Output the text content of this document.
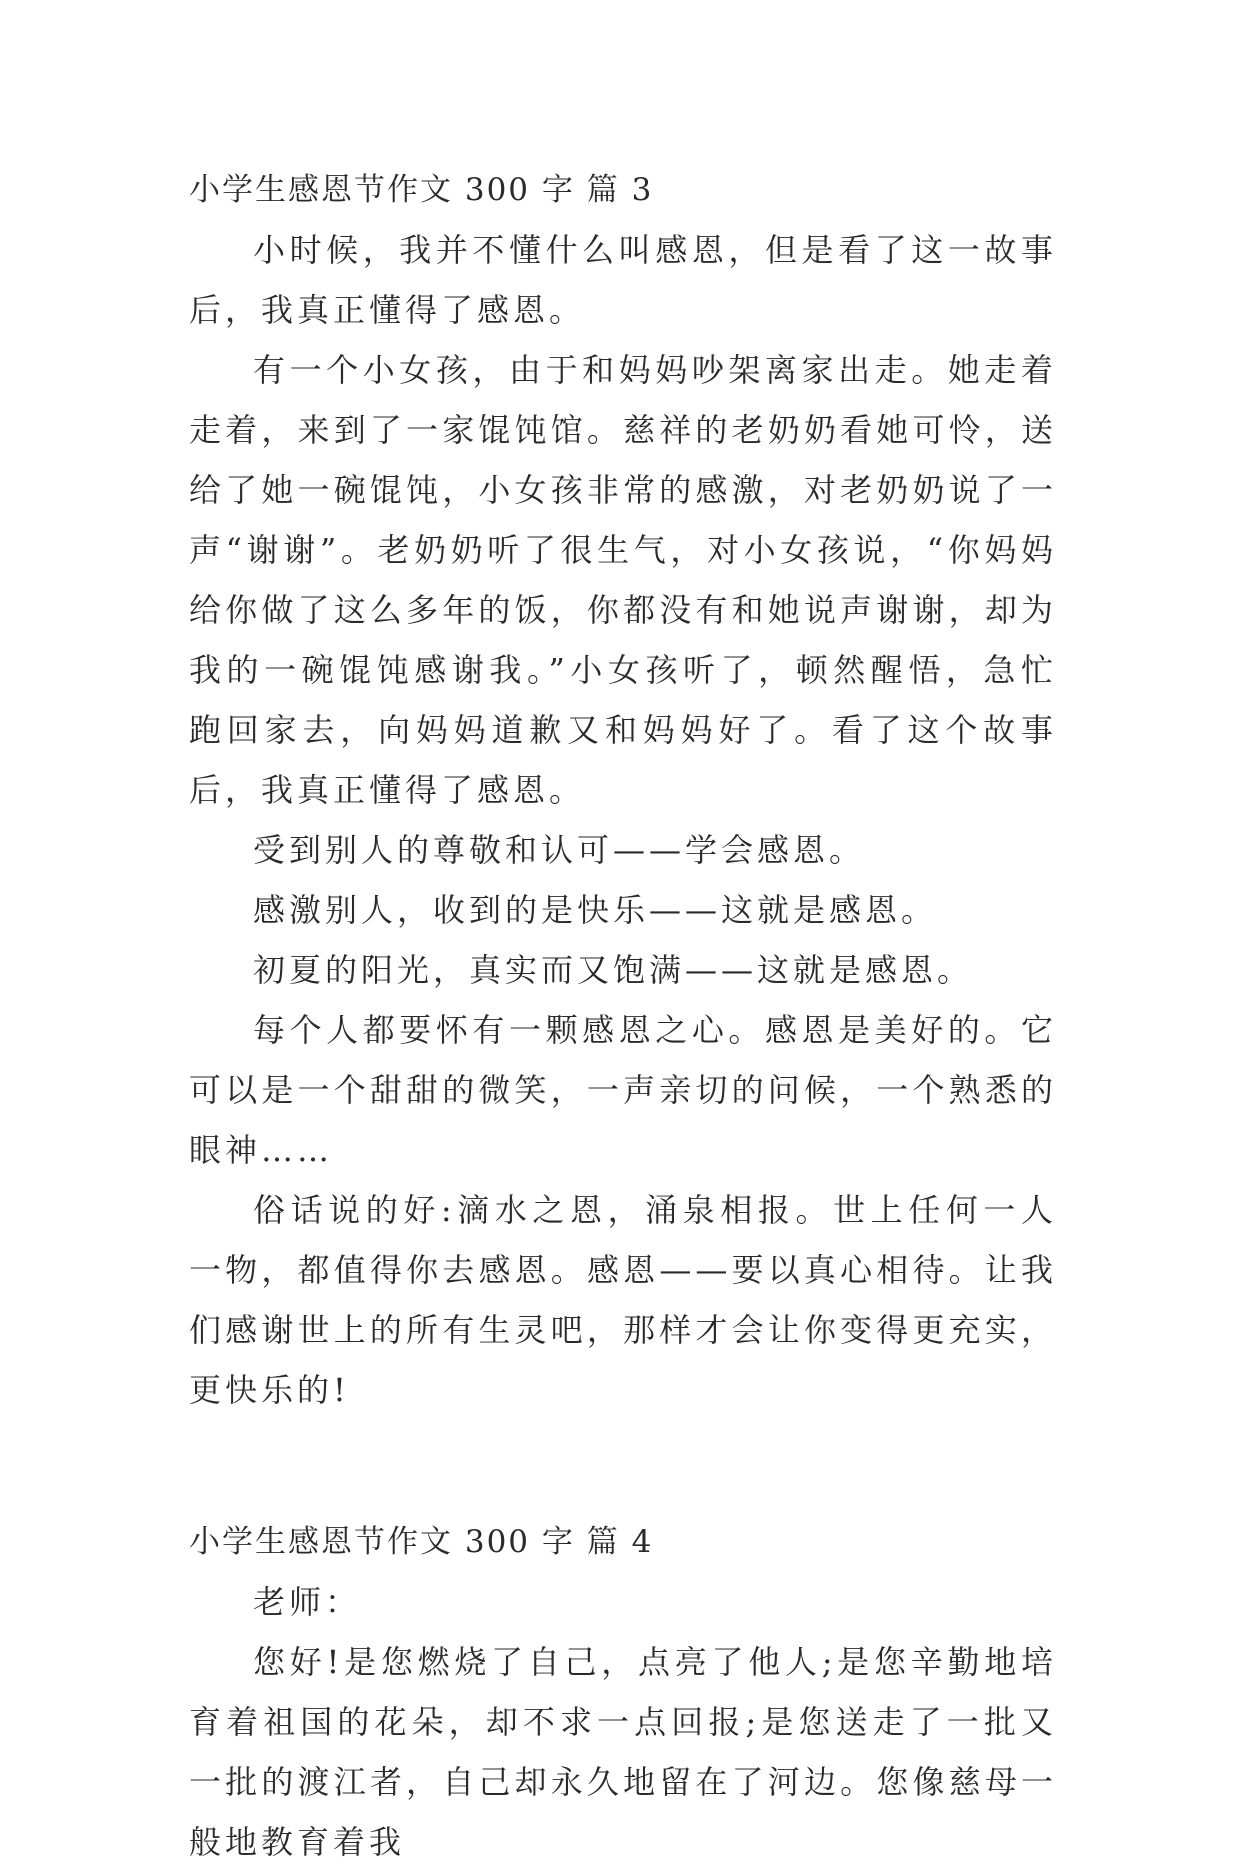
小学生感恩节作文 300 字 篇 3

小时候，我并不懂什么叫感恩，但是看了这一故事后，我真正懂得了感恩。

有一个小女孩，由于和妈妈吵架离家出走。她走着走着，来到了一家馄饨馆。慈祥的老奶奶看她可怜，送给了她一碗馄饨，小女孩非常的感激，对老奶奶说了一声“谢谢”。老奶奶听了很生气，对小女孩说，“你妈妈给你做了这么多年的饭，你都没有和她说声谢谢，却为我的一碗馄饨感谢我。”小女孩听了，顿然醒悟，急忙跑回家去，向妈妈道歉又和妈妈好了。看了这个故事后，我真正懂得了感恩。

受到别人的尊敬和认可——学会感恩。

感激别人，收到的是快乐——这就是感恩。

初夏的阳光，真实而又饱满——这就是感恩。

每个人都要怀有一颗感恩之心。感恩是美好的。它可以是一个甜甜的微笑，一声亲切的问候，一个熟悉的眼神……

俗话说的好:滴水之恩，涌泉相报。世上任何一人一物，都值得你去感恩。感恩——要以真心相待。让我们感谢世上的所有生灵吧，那样才会让你变得更充实，更快乐的!

小学生感恩节作文 300 字 篇 4

老师：

您好!是您燃烧了自己，点亮了他人;是您辛勤地培育着祖国的花朵，却不求一点回报;是您送走了一批又一批的渡江者，自己却永久地留在了河边。您像慈母一般地教育着我
